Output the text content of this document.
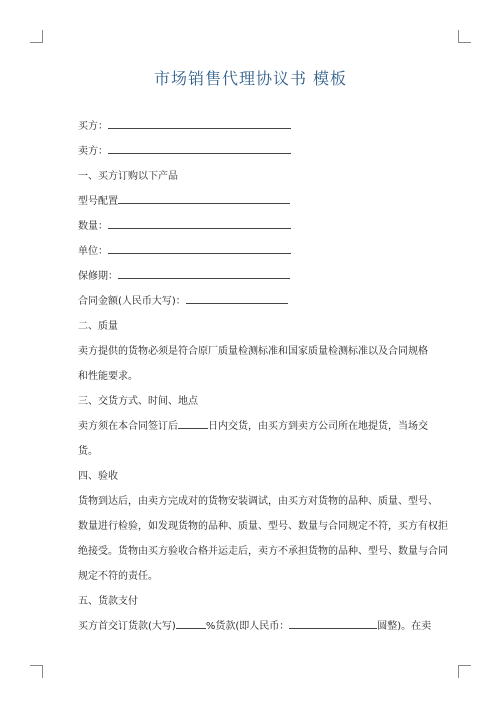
市场销售代理协议书 模板
买方：
卖方：
一、买方订购以下产品
型号配置
数量：
单位：
保修期：
合同金额(人民币大写)：
二、质量
卖方提供的货物必须是符合原厂质量检测标准和国家质量检测标准以及合同规格
和性能要求。
三、交货方式、时间、地点
卖方须在本合同签订后	日内交货，由买方到卖方公司所在地提货，当场交
货。
四、验收
货物到达后，由卖方完成对的货物安装调试，由买方对货物的品种、质量、型号、
数量进行检验，如发现货物的品种、质量、型号、数量与合同规定不符，买方有权拒
绝接受。货物由买方验收合格并运走后，卖方不承担货物的品种、型号、数量与合同
规定不符的责任。
五、货款支付
买方首交订货款(大写)	%货款(即人民币：	圆整)。在卖
